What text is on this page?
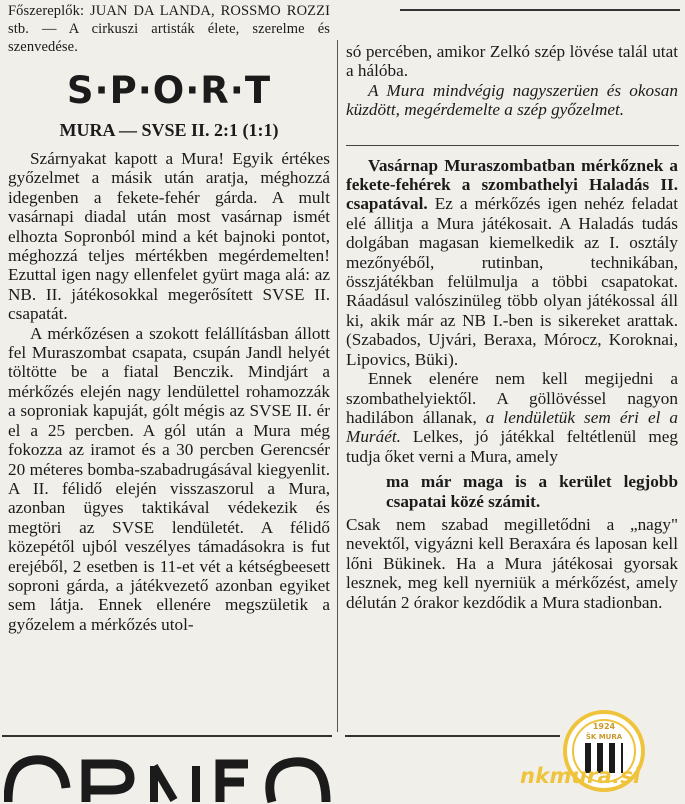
Főszereplők: JUAN DA LANDA, ROSSMO ROZZI stb. — A cirkuszi artisták élete, szerelme és szenvedése.
S·P·O·R·T
MURA — SVSE II. 2:1 (1:1)

Szárnyakat kapott a Mura! Egyik értékes győzelmet a másik után aratja, méghozzá idegenben a fekete-fehér gárda. A mult vasárnapi diadal után most vasárnap ismét elhozta Sopronból mind a két bajnoki pontot, méghozzá teljes mértékben megérdemelten! Ezuttal igen nagy ellenfelet gyürt maga alá: az NB. II. játékosokkal megerősített SVSE II. csapatát.

A mérkőzésen a szokott felállításban állott fel Muraszombat csapata, csupán Jandl helyét töltötte be a fiatal Benczik. Mindjárt a mérkőzés elején nagy lendülettel rohamozzák a soproniak kapuját, gólt mégis az SVSE II. ér el a 25 percben. A gól után a Mura még fokozza az iramot és a 30 percben Gerencsér 20 méteres bomba-szabadrugásával kiegyenlit. A II. félidő elején visszaszorul a Mura, azonban ügyes taktikával védekezik és megtöri az SVSE lendületét. A félidő közepétől ujból veszélyes támadásokra is fut erejéből, 2 esetben is 11-et vét a kétségbeesett soproni gárda, a játékvezető azonban egyiket sem látja. Ennek ellenére megszületik a győzelem a mérkőzés utol-

só percében, amikor Zelkó szép lövése talál utat a hálóba.

A Mura mindvégig nagyszerüen és okosan küzdött, megérdemelte a szép győzelmet.

Vasárnap Muraszombatban mérkőznek a fekete-fehérek a szombathelyi Haladás II. csapatával. Ez a mérkőzés igen nehéz feladat elé állitja a Mura játékosait. A Haladás tudás dolgában magasan kiemelkedik az I. osztály mezőnyéből, rutinban, technikában, összjátékban felülmulja a többi csapatokat. Ráadásul valószinüleg több olyan játékossal áll ki, akik már az NB I.-ben is sikereket arattak. (Szabados, Ujvári, Beraxa, Mórocz, Koroknai, Lipovics, Büki).

Ennek elenére nem kell megijedni a szombathelyiektől. A göllövéssel nagyon hadilábon állanak, a lendületük sem éri el a Muráét. Lelkes, jó játékkal feltétlenül meg tudja őket verni a Mura, amely

ma már maga is a kerület legjobb csapatai közé számit.

Csak nem szabad megilletődni a „nagy" nevektől, vigyázni kell Beraxára és laposan kell lőni Bükinek. Ha a Mura játékosai gyorsak lesznek, meg kell nyerniük a mérkőzést, amely délután 2 órakor kezdődik a Mura stadionban.

1924
ŠK MURA
nkmura.si
